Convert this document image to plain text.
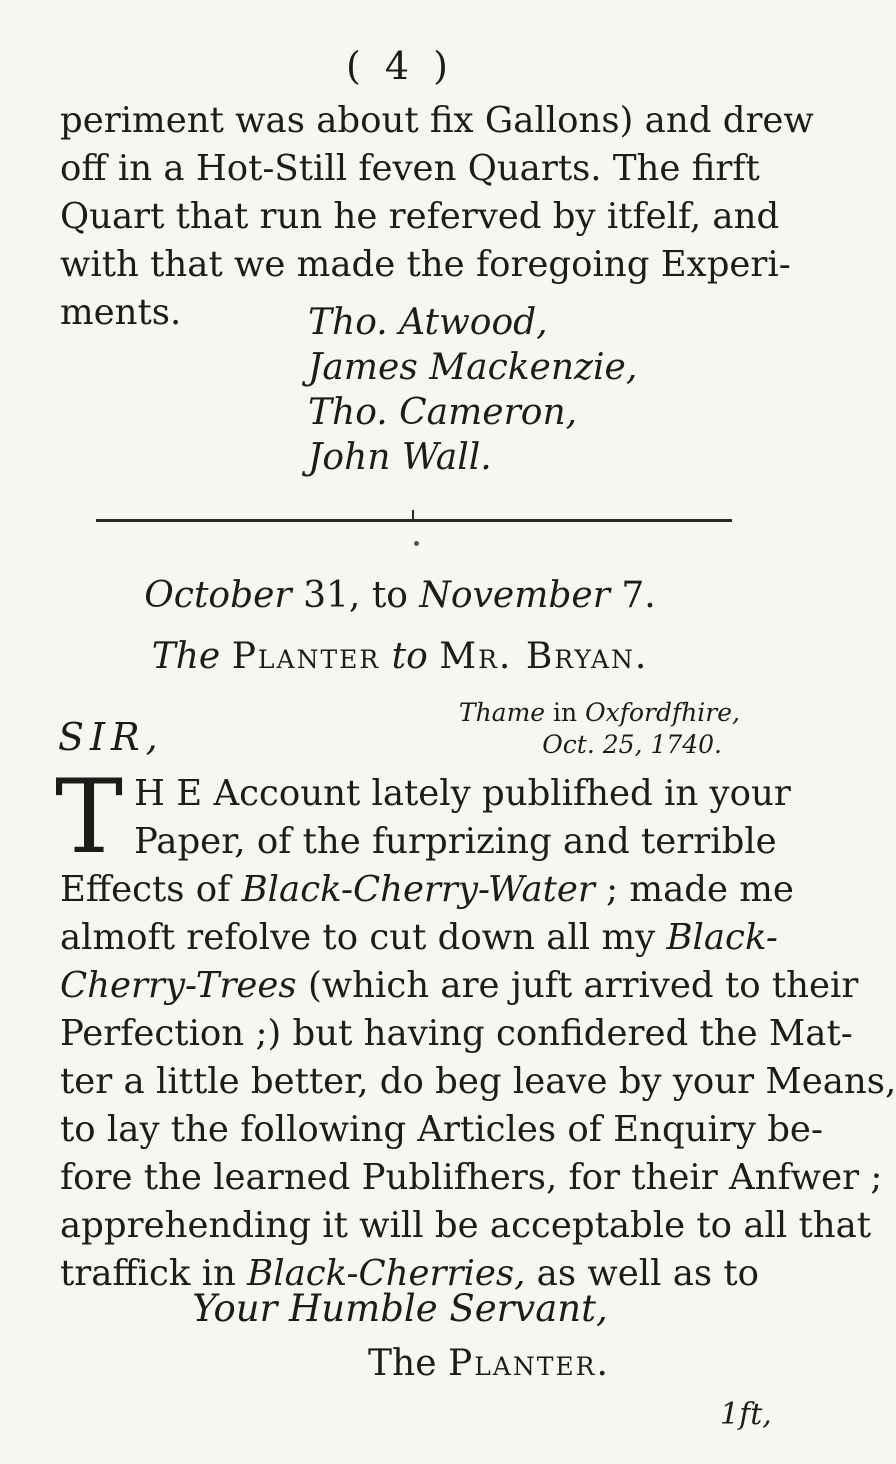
( 4 )
periment was about fix Gallons) and drew
off in a Hot-Still feven Quarts. The firft
Quart that run he referved by itfelf, and
with that we made the foregoing Experi-
ments.	Tho. Atwood,
James Mackenzie,
Tho. Cameron,
John Wall.
October 31, to November 7.
The Planter to Mr. Bryan.
SIR,
Thame in Oxfordfhire,
Oct. 25, 1740.
T H E Account lately publifhed in your
Paper, of the furprizing and terrible
Effects of Black-Cherry-Water ; made me
almoft refolve to cut down all my Black-
Cherry-Trees (which are juft arrived to their
Perfection ;) but having confidered the Mat-
ter a little better, do beg leave by your Means,
to lay the following Articles of Enquiry be-
fore the learned Publifhers, for their Anfwer ;
apprehending it will be acceptable to all that
traffick in Black-Cherries, as well as to
Your Humble Servant,
The Planter.
1ft,
